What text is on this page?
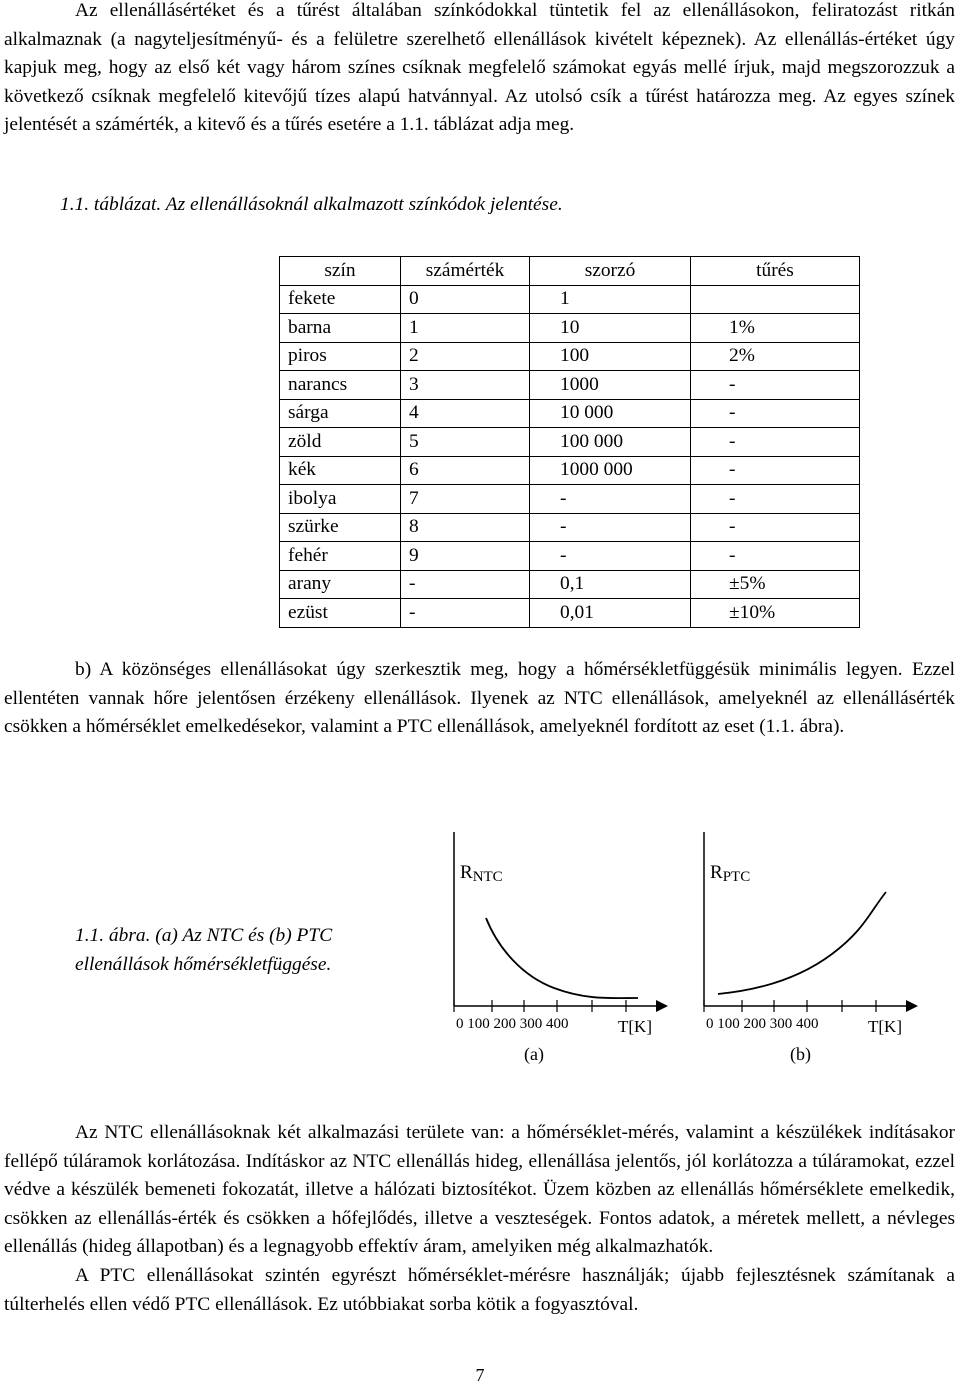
Az ellenállásértéket és a tűrést általában színkódokkal tüntetik fel az ellenállásokon, feliratozást ritkán alkalmaznak (a nagyteljesítményű- és a felületre szerelhető ellenállások kivételt képeznek). Az ellenállás-értéket úgy kapjuk meg, hogy az első két vagy három színes csíknak megfelelő számokat egyás mellé írjuk, majd megszorozzuk a következő csíknak megfelelő kitevőjű tízes alapú hatvánnyal. Az utolsó csík a tűrést határozza meg. Az egyes színek jelentését a számérték, a kitevő és a tűrés esetére a 1.1. táblázat adja meg.

1.1. táblázat. Az ellenállásoknál alkalmazott színkódok jelentése.
szín	számérték	szorzó	tűrés
fekete	0	1	
barna	1	10	1%
piros	2	100	2%
narancs	3	1000	-
sárga	4	10 000	-
zöld	5	100 000	-
kék	6	1000 000	-
ibolya	7	-	-
szürke	8	-	-
fehér	9	-	-
arany	-	0,1	±5%
ezüst	-	0,01	±10%

b) A közönséges ellenállásokat úgy szerkesztik meg, hogy a hőmérsékletfüggésük minimális legyen. Ezzel ellentéten vannak hőre jelentősen érzékeny ellenállások. Ilyenek az NTC ellenállások, amelyeknél az ellenállásérték csökken a hőmérséklet emelkedésekor, valamint a PTC ellenállások, amelyeknél fordított az eset (1.1. ábra).

1.1. ábra. (a) Az NTC és (b) PTC ellenállások hőmérsékletfüggése.
RNTC
0 100 200 300 400	T[K]
(a)
RPTC
0 100 200 300 400	T[K]
(b)

Az NTC ellenállásoknak két alkalmazási területe van: a hőmérséklet-mérés, valamint a készülékek indításakor fellépő túláramok korlátozása. Indításkor az NTC ellenállás hideg, ellenállása jelentős, jól korlátozza a túláramokat, ezzel védve a készülék bemeneti fokozatát, illetve a hálózati biztosítékot. Üzem közben az ellenállás hőmérséklete emelkedik, csökken az ellenállás-érték és csökken a hőfejlődés, illetve a veszteségek. Fontos adatok, a méretek mellett, a névleges ellenállás (hideg állapotban) és a legnagyobb effektív áram, amelyiken még alkalmazhatók.

A PTC ellenállásokat szintén egyrészt hőmérséklet-mérésre használják; újabb fejlesztésnek számítanak a túlterhelés ellen védő PTC ellenállások. Ez utóbbiakat sorba kötik a fogyasztóval.

7
